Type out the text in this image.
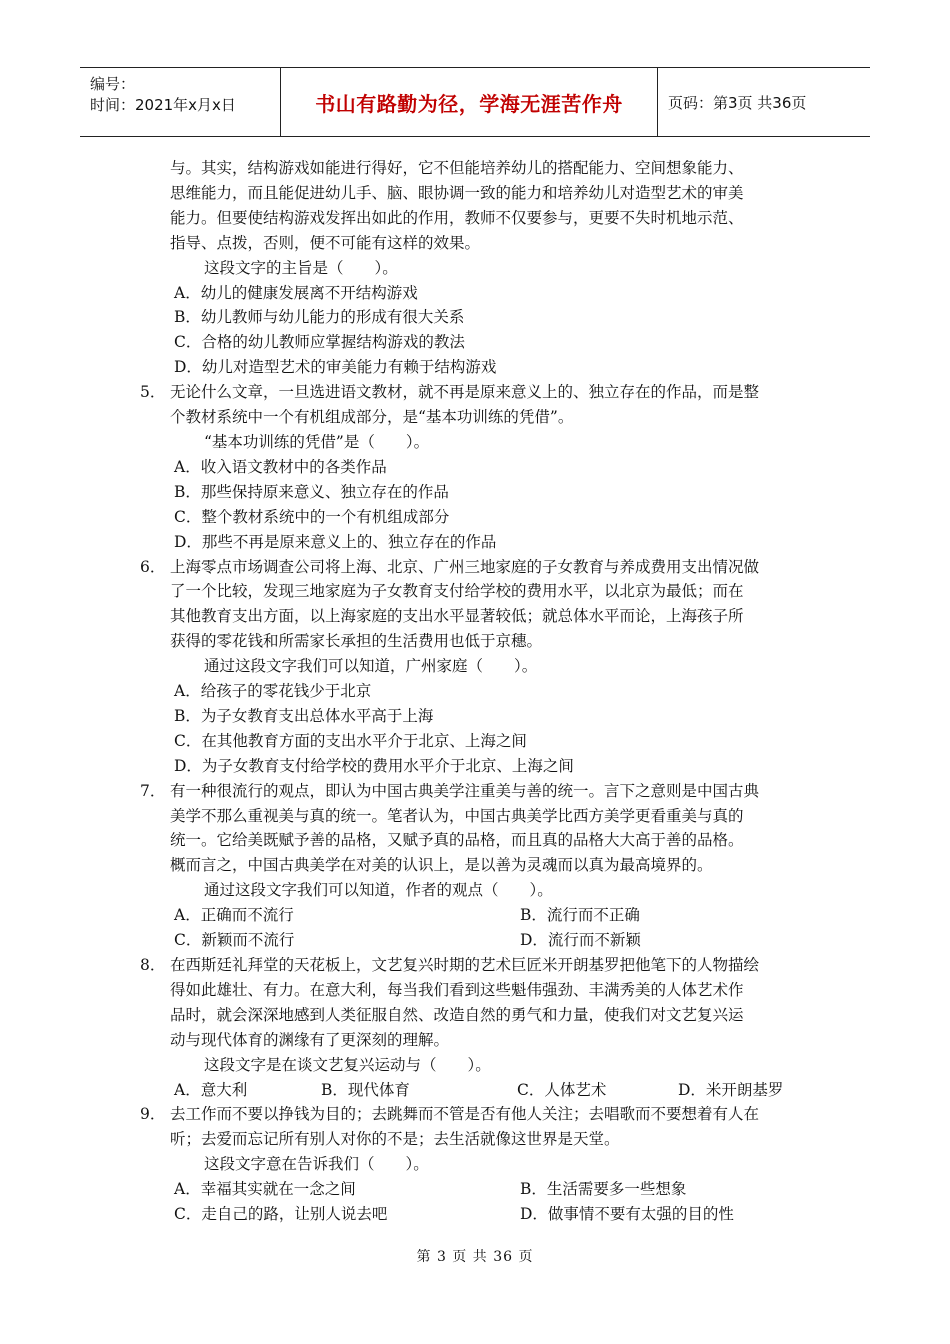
编号：
时间：2021年x月x日	书山有路勤为径，学海无涯苦作舟	页码：第3页 共36页

与。其实，结构游戏如能进行得好，它不但能培养幼儿的搭配能力、空间想象能力、

思维能力，而且能促进幼儿手、脑、眼协调一致的能力和培养幼儿对造型艺术的审美

能力。但要使结构游戏发挥出如此的作用，教师不仅要参与，更要不失时机地示范、

指导、点拨，否则，便不可能有这样的效果。

这段文字的主旨是（　　）。

A．幼儿的健康发展离不开结构游戏

B．幼儿教师与幼儿能力的形成有很大关系

C．合格的幼儿教师应掌握结构游戏的教法

D．幼儿对造型艺术的审美能力有赖于结构游戏

5． 无论什么文章，一旦选进语文教材，就不再是原来意义上的、独立存在的作品，而是整

个教材系统中一个有机组成部分，是“基本功训练的凭借”。

“基本功训练的凭借”是（　　）。

A．收入语文教材中的各类作品

B．那些保持原来意义、独立存在的作品

C．整个教材系统中的一个有机组成部分

D．那些不再是原来意义上的、独立存在的作品

6． 上海零点市场调查公司将上海、北京、广州三地家庭的子女教育与养成费用支出情况做

了一个比较，发现三地家庭为子女教育支付给学校的费用水平，以北京为最低；而在

其他教育支出方面，以上海家庭的支出水平显著较低；就总体水平而论，上海孩子所

获得的零花钱和所需家长承担的生活费用也低于京穗。

通过这段文字我们可以知道，广州家庭（　　）。

A．给孩子的零花钱少于北京

B．为子女教育支出总体水平高于上海

C．在其他教育方面的支出水平介于北京、上海之间

D．为子女教育支付给学校的费用水平介于北京、上海之间

7． 有一种很流行的观点，即认为中国古典美学注重美与善的统一。言下之意则是中国古典

美学不那么重视美与真的统一。笔者认为，中国古典美学比西方美学更看重美与真的

统一。它给美既赋予善的品格，又赋予真的品格，而且真的品格大大高于善的品格。

概而言之，中国古典美学在对美的认识上，是以善为灵魂而以真为最高境界的。

通过这段文字我们可以知道，作者的观点（　　）。

A．正确而不流行	B．流行而不正确
C．新颖而不流行	D．流行而不新颖
8． 在西斯廷礼拜堂的天花板上，文艺复兴时期的艺术巨匠米开朗基罗把他笔下的人物描绘

得如此雄壮、有力。在意大利，每当我们看到这些魁伟强劲、丰满秀美的人体艺术作

品时，就会深深地感到人类征服自然、改造自然的勇气和力量，使我们对文艺复兴运

动与现代体育的渊缘有了更深刻的理解。

这段文字是在谈文艺复兴运动与（　　）。

A．意大利	B．现代体育	C．人体艺术	D．米开朗基罗
9． 去工作而不要以挣钱为目的；去跳舞而不管是否有他人关注；去唱歌而不要想着有人在

听；去爱而忘记所有别人对你的不是；去生活就像这世界是天堂。

这段文字意在告诉我们（　　）。

A．幸福其实就在一念之间	B．生活需要多一些想象
C．走自己的路，让别人说去吧	D．做事情不要有太强的目的性
第 3 页 共 36 页
